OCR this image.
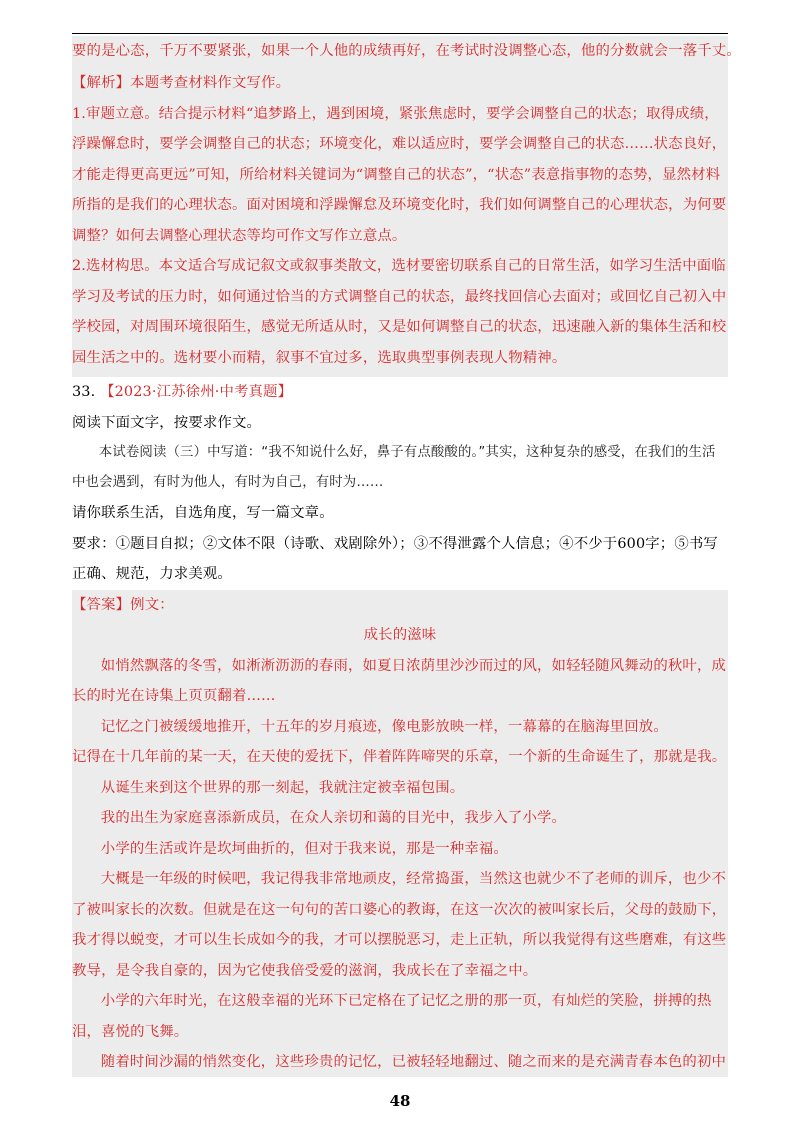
要的是心态，千万不要紧张，如果一个人他的成绩再好，在考试时没调整心态，他的分数就会一落千丈。
【解析】本题考查材料作文写作。
1.审题立意。结合提示材料“追梦路上，遇到困境，紧张焦虑时，要学会调整自己的状态；取得成绩，浮躁懈怠时，要学会调整自己的状态；环境变化，难以适应时，要学会调整自己的状态……状态良好，才能走得更高更远”可知，所给材料关键词为“调整自己的状态”，“状态”表意指事物的态势，显然材料所指的是我们的心理状态。面对困境和浮躁懈怠及环境变化时，我们如何调整自己的心理状态，为何要调整？如何去调整心理状态等均可作文写作立意点。
2.选材构思。本文适合写成记叙文或叙事类散文，选材要密切联系自己的日常生活，如学习生活中面临学习及考试的压力时，如何通过恰当的方式调整自己的状态，最终找回信心去面对；或回忆自己初入中学校园，对周围环境很陌生，感觉无所适从时，又是如何调整自己的状态，迅速融入新的集体生活和校园生活之中的。选材要小而精，叙事不宜过多，选取典型事例表现人物精神。
33. 【2023·江苏徐州·中考真题】
阅读下面文字，按要求作文。
本试卷阅读（三）中写道：“我不知说什么好，鼻子有点酸酸的。”其实，这种复杂的感受，在我们的生活中也会遇到，有时为他人，有时为自己，有时为……
请你联系生活，自选角度，写一篇文章。
要求：①题目自拟；②文体不限（诗歌、戏剧除外）；③不得泄露个人信息；④不少于600字；⑤书写正确、规范，力求美观。
【答案】例文：
成长的滋味
如悄然飘落的冬雪，如淅淅沥沥的春雨，如夏日浓荫里沙沙而过的风，如轻轻随风舞动的秋叶，成长的时光在诗集上页页翻着……
记忆之门被缓缓地推开，十五年的岁月痕迹，像电影放映一样，一幕幕的在脑海里回放。
记得在十几年前的某一天，在天使的爱抚下，伴着阵阵啼哭的乐章，一个新的生命诞生了，那就是我。
从诞生来到这个世界的那一刻起，我就注定被幸福包围。
我的出生为家庭喜添新成员，在众人亲切和蔼的目光中，我步入了小学。
小学的生活或许是坎坷曲折的，但对于我来说，那是一种幸福。
大概是一年级的时候吧，我记得我非常地顽皮，经常捣蛋，当然这也就少不了老师的训斥，也少不了被叫家长的次数。但就是在这一句句的苦口婆心的教诲，在这一次次的被叫家长后，父母的鼓励下，我才得以蜕变，才可以生长成如今的我，才可以摆脱恶习，走上正轨，所以我觉得有这些磨难，有这些教导，是令我自豪的，因为它使我倍受爱的滋润，我成长在了幸福之中。
小学的六年时光，在这般幸福的光环下已定格在了记忆之册的那一页，有灿烂的笑脸，拼搏的热泪，喜悦的飞舞。
随着时间沙漏的悄然变化，这些珍贵的记忆，已被轻轻地翻过、随之而来的是充满青春本色的初中
48
